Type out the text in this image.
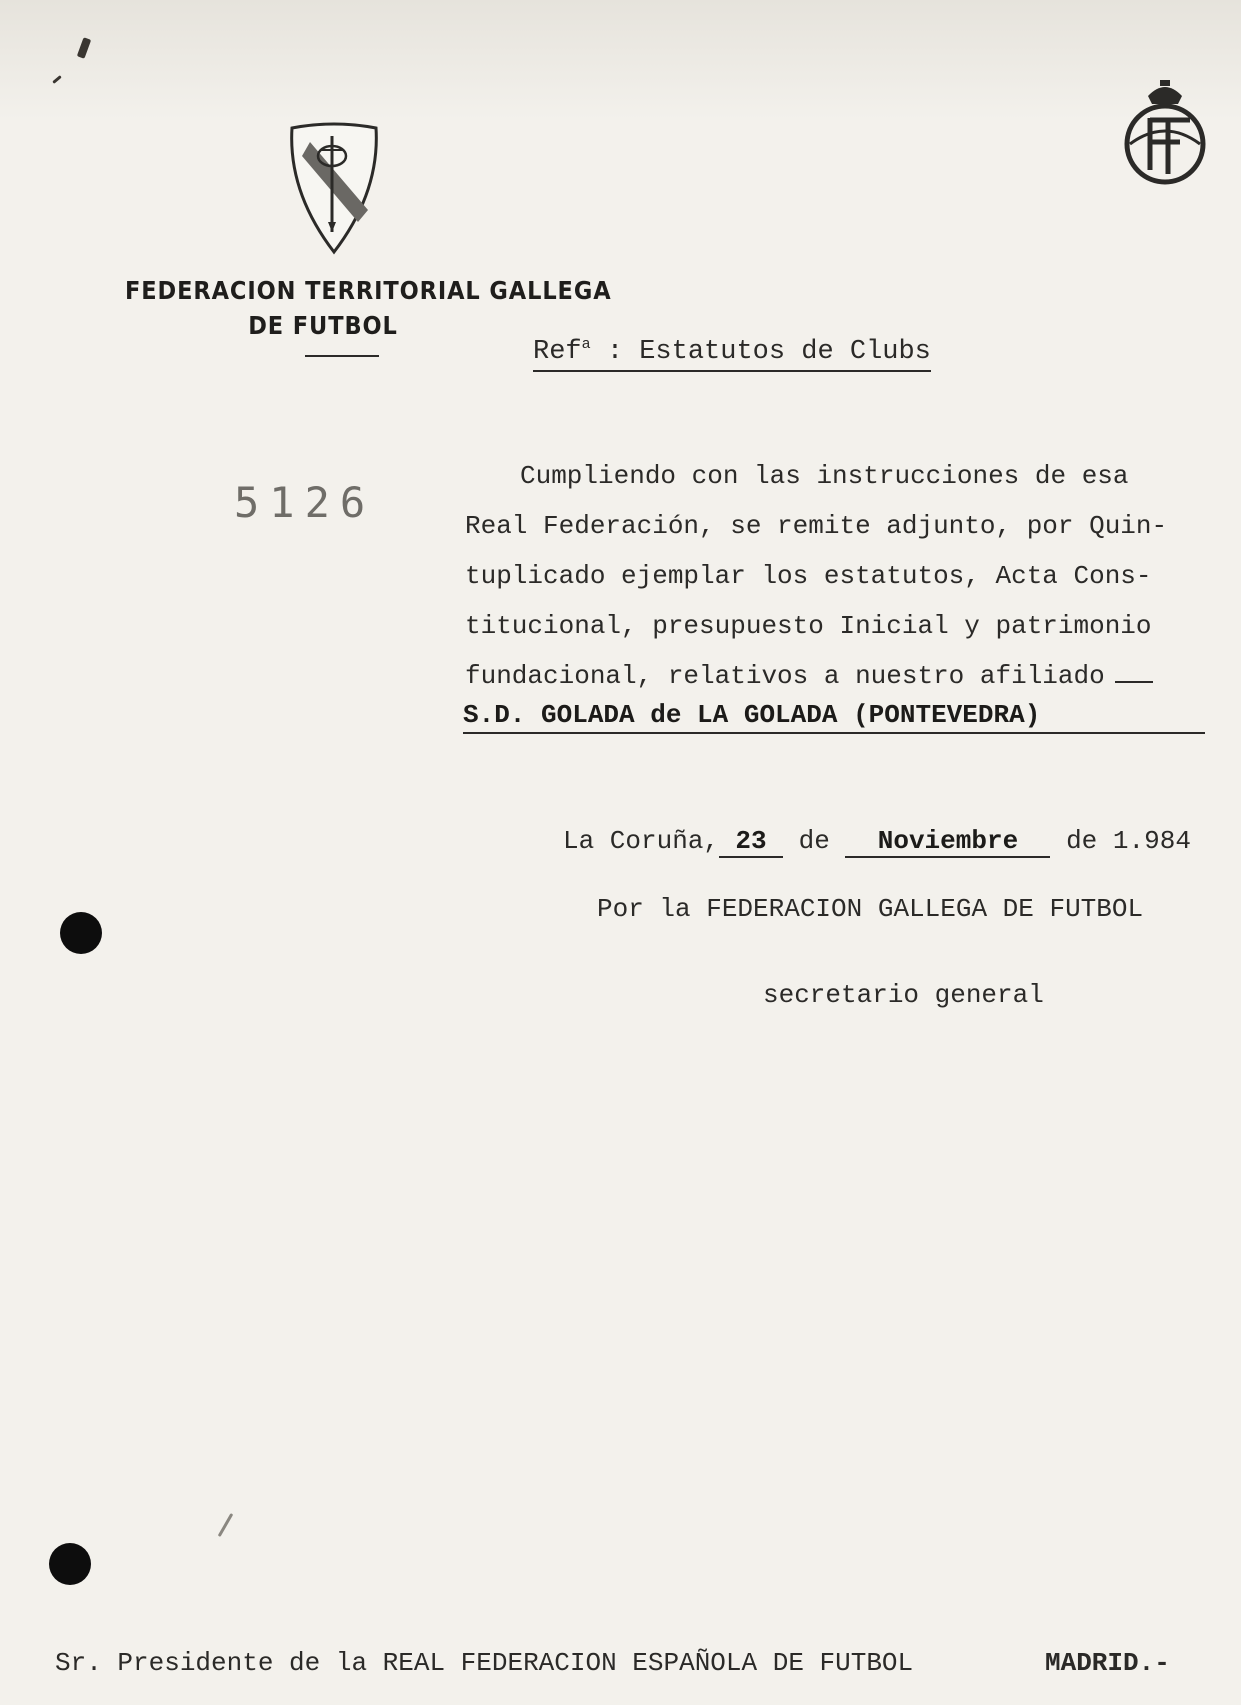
FEDERACION TERRITORIAL GALLEGA
DE FUTBOL
Ref$^a$ : Estatutos de Clubs
5126
Cumpliendo con las instrucciones de esa
Real Federación, se remite adjunto, por Quin-
tuplicado ejemplar los estatutos, Acta Cons-
titucional, presupuesto Inicial y patrimonio
fundacional, relativos a nuestro afiliado
S.D. GOLADA de LA GOLADA (PONTEVEDRA)
La Coruña, 23 de Noviembre de 1.984
Por la FEDERACION GALLEGA DE FUTBOL
secretario general
Sr. Presidente de la REAL FEDERACION ESPAÑOLA DE FUTBOL	MADRID.-
